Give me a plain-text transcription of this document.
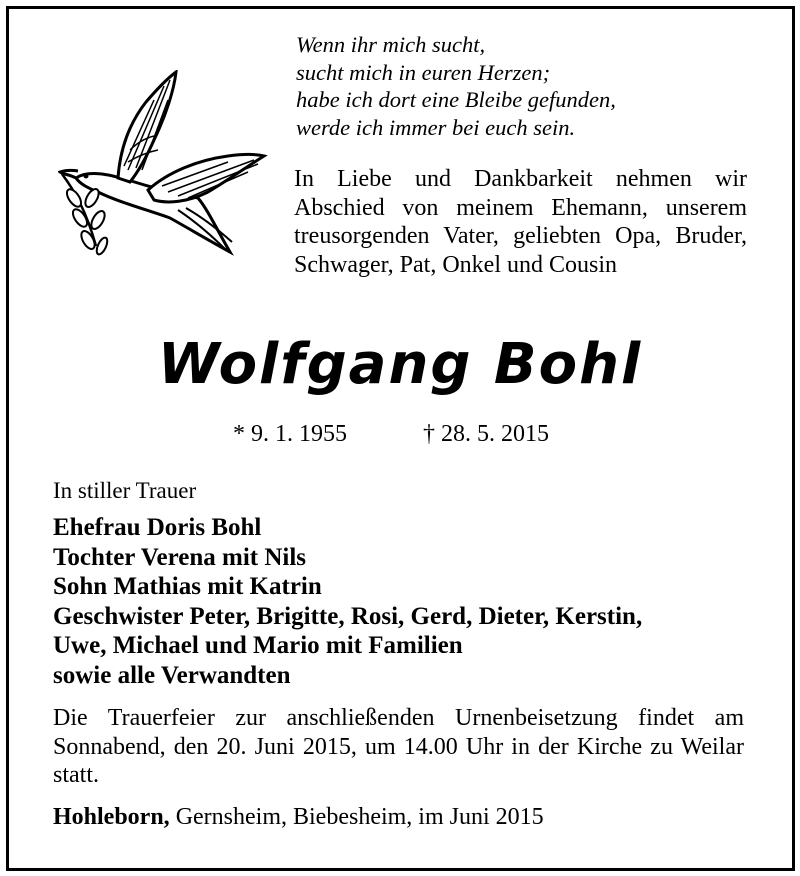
Wenn ihr mich sucht,
sucht mich in euren Herzen;
habe ich dort eine Bleibe gefunden,
werde ich immer bei euch sein.
In Liebe und Dankbarkeit nehmen wir Abschied von meinem Ehemann, unserem treusorgenden Vater, geliebten Opa, Bruder, Schwager, Pat, Onkel und Cousin
Wolfgang Bohl
* 9. 1. 1955	† 28. 5. 2015
In stiller Trauer
Ehefrau Doris Bohl
Tochter Verena mit Nils
Sohn Mathias mit Katrin
Geschwister Peter, Brigitte, Rosi, Gerd, Dieter, Kerstin,
Uwe, Michael und Mario mit Familien
sowie alle Verwandten
Die Trauerfeier zur anschließenden Urnenbeisetzung findet am Sonnabend, den 20. Juni 2015, um 14.00 Uhr in der Kirche zu Weilar statt.
Hohleborn, Gernsheim, Biebesheim, im Juni 2015
